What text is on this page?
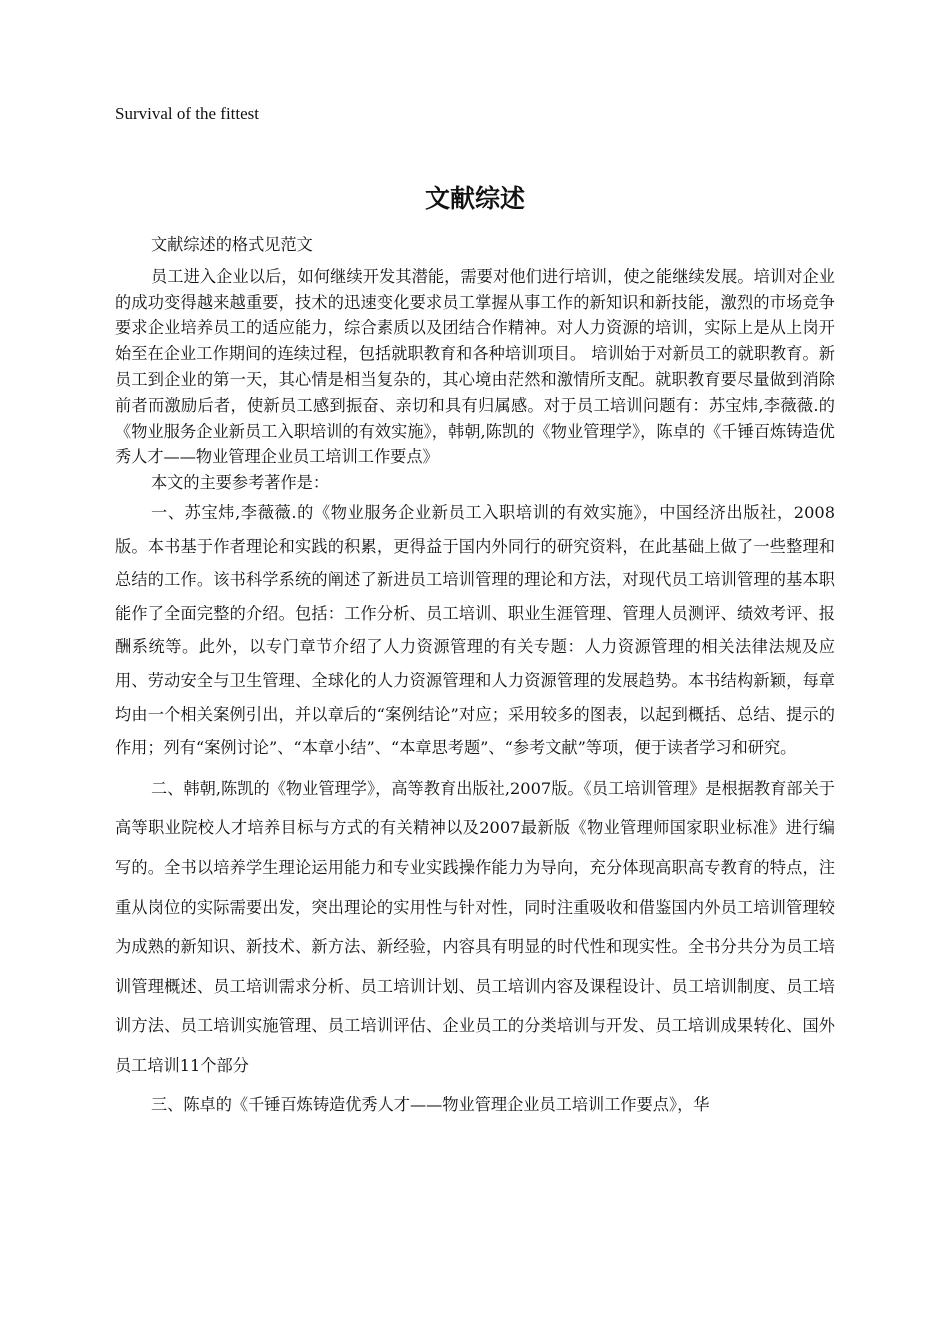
Survival of the fittest
文献综述

文献综述的格式见范文

员工进入企业以后，如何继续开发其潜能，需要对他们进行培训，使之能继续发展。培训对企业的成功变得越来越重要，技术的迅速变化要求员工掌握从事工作的新知识和新技能，激烈的市场竞争要求企业培养员工的适应能力，综合素质以及团结合作精神。对人力资源的培训，实际上是从上岗开始至在企业工作期间的连续过程，包括就职教育和各种培训项目。 培训始于对新员工的就职教育。新员工到企业的第一天，其心情是相当复杂的，其心境由茫然和激情所支配。就职教育要尽量做到消除前者而激励后者，使新员工感到振奋、亲切和具有归属感。对于员工培训问题有：苏宝炜,李薇薇.的《物业服务企业新员工入职培训的有效实施》，韩朝,陈凯的《物业管理学》，陈卓的《千锤百炼铸造优秀人才——物业管理企业员工培训工作要点》

本文的主要参考著作是：

一、苏宝炜,李薇薇.的《物业服务企业新员工入职培训的有效实施》，中国经济出版社，2008版。本书基于作者理论和实践的积累，更得益于国内外同行的研究资料，在此基础上做了一些整理和总结的工作。该书科学系统的阐述了新进员工培训管理的理论和方法，对现代员工培训管理的基本职能作了全面完整的介绍。包括：工作分析、员工培训、职业生涯管理、管理人员测评、绩效考评、报酬系统等。此外，以专门章节介绍了人力资源管理的有关专题：人力资源管理的相关法律法规及应用、劳动安全与卫生管理、全球化的人力资源管理和人力资源管理的发展趋势。本书结构新颖，每章均由一个相关案例引出，并以章后的“案例结论”对应；采用较多的图表，以起到概括、总结、提示的作用；列有“案例讨论”、“本章小结”、“本章思考题”、“参考文献”等项，便于读者学习和研究。

二、韩朝,陈凯的《物业管理学》，高等教育出版社,2007版。《员工培训管理》是根据教育部关于高等职业院校人才培养目标与方式的有关精神以及2007最新版《物业管理师国家职业标准》进行编写的。全书以培养学生理论运用能力和专业实践操作能力为导向，充分体现高职高专教育的特点，注重从岗位的实际需要出发，突出理论的实用性与针对性，同时注重吸收和借鉴国内外员工培训管理较为成熟的新知识、新技术、新方法、新经验，内容具有明显的时代性和现实性。全书分共分为员工培训管理概述、员工培训需求分析、员工培训计划、员工培训内容及课程设计、员工培训制度、员工培训方法、员工培训实施管理、员工培训评估、企业员工的分类培训与开发、员工培训成果转化、国外员工培训11个部分

三、陈卓的《千锤百炼铸造优秀人才——物业管理企业员工培训工作要点》，华
